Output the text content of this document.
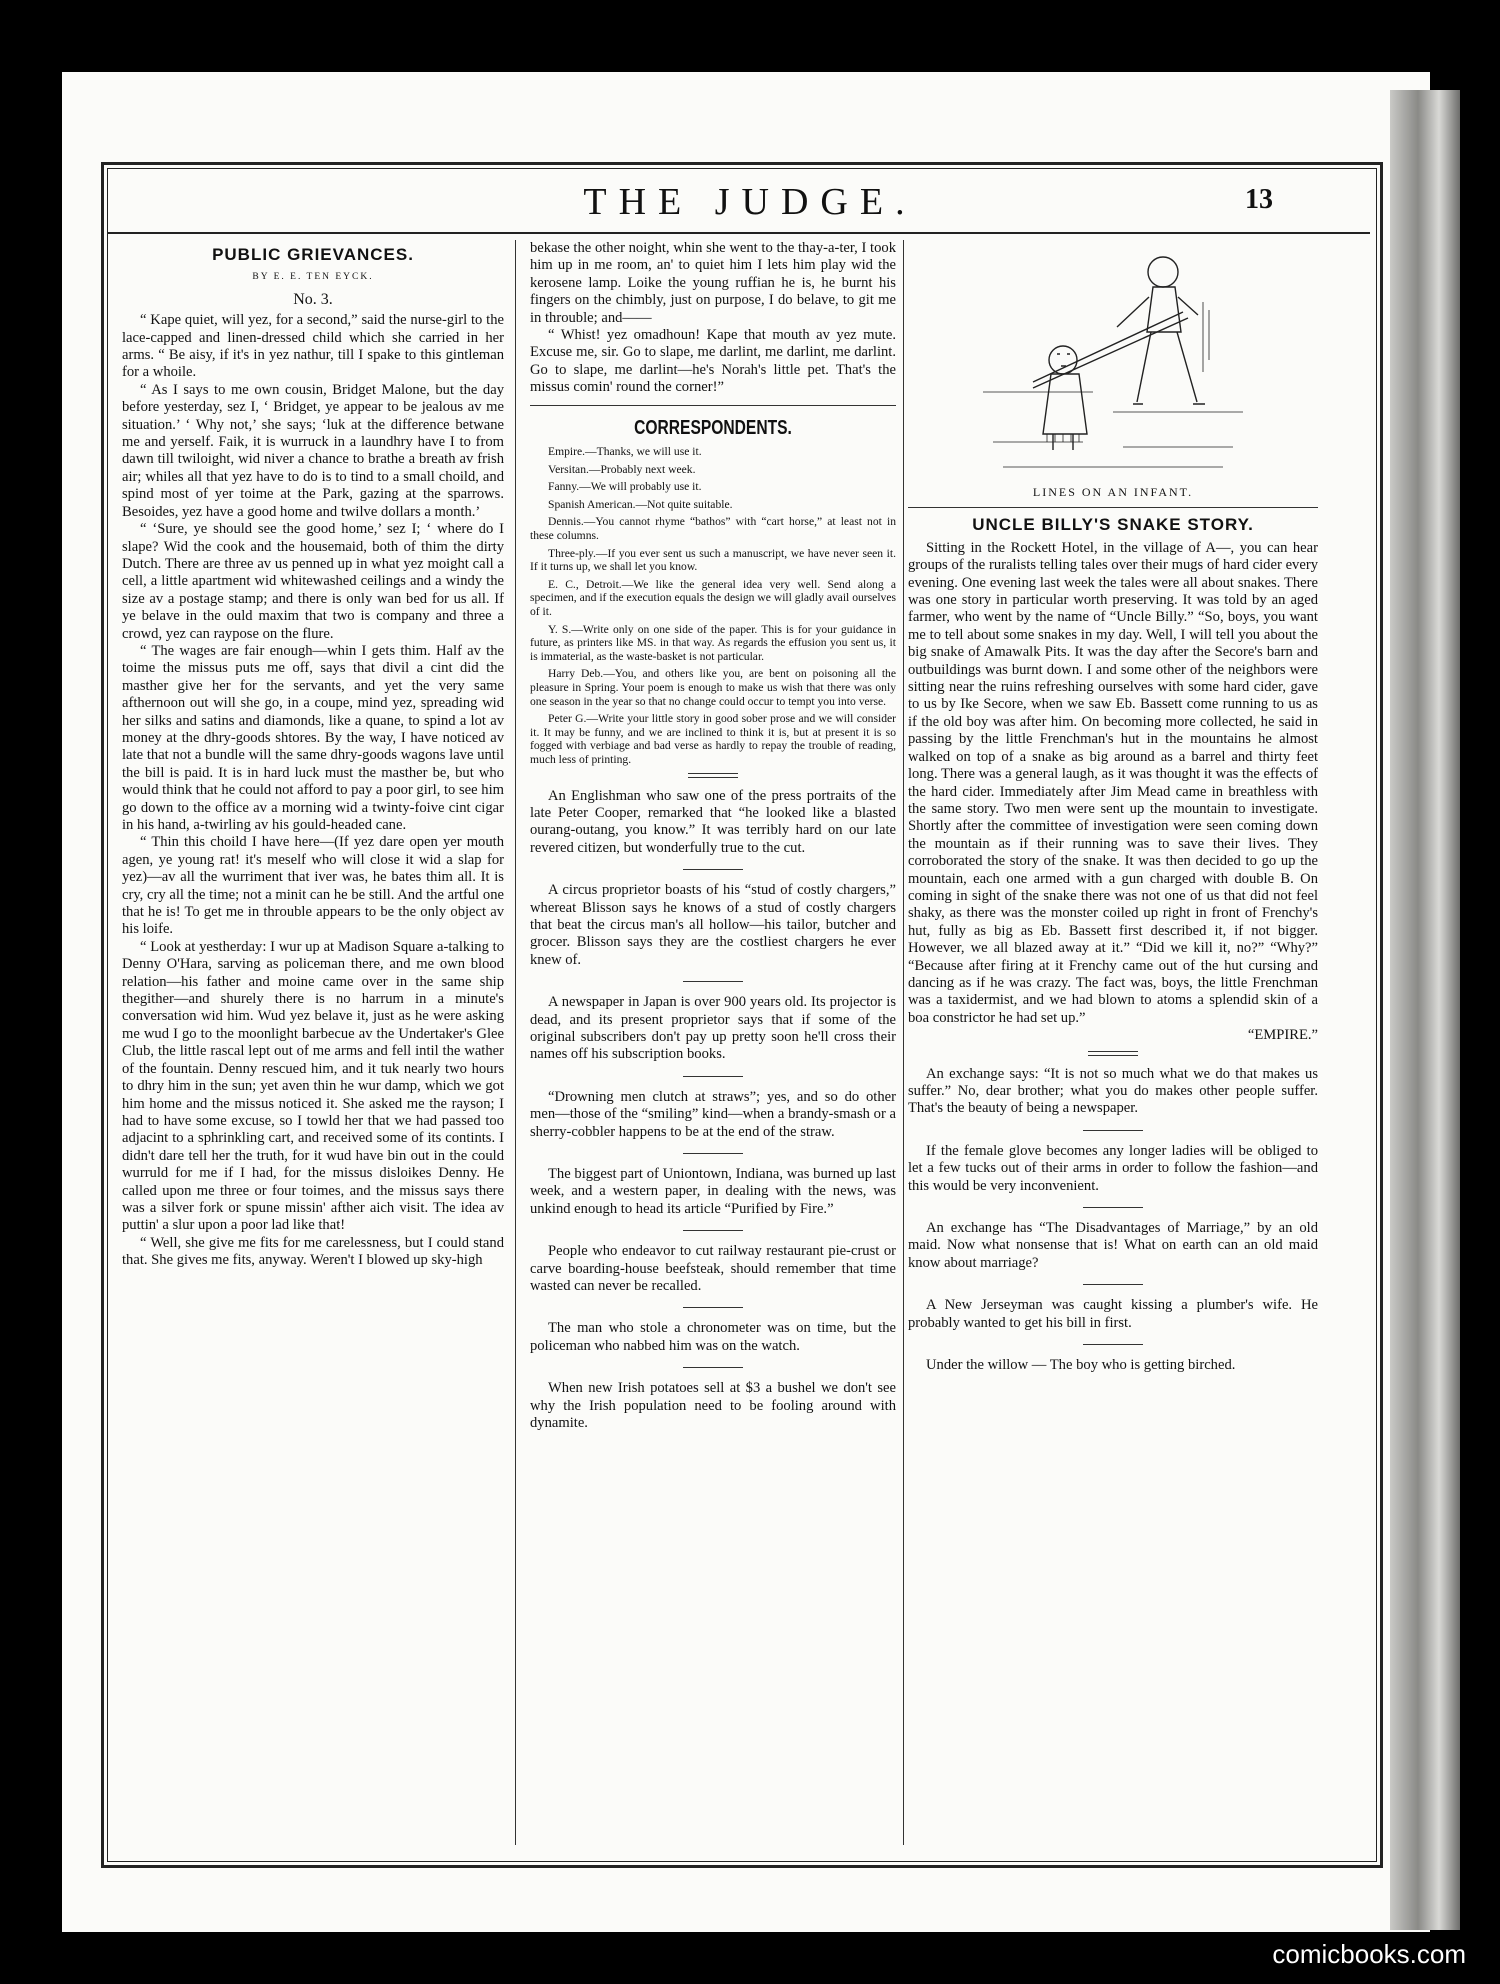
THE JUDGE.	13
PUBLIC GRIEVANCES.
BY E. E. TEN EYCK.
No. 3.

“ Kape quiet, will yez, for a second,” said the nurse-girl to the lace-capped and linen-dressed child which she carried in her arms. “ Be aisy, if it's in yez nathur, till I spake to this gintleman for a whoile.

“ As I says to me own cousin, Bridget Malone, but the day before yesterday, sez I, ‘ Bridget, ye appear to be jealous av me situation.’ ‘ Why not,’ she says; ‘luk at the difference betwane me and yerself. Faik, it is wurruck in a laundhry have I to from dawn till twiloight, wid niver a chance to brathe a breath av frish air; whiles all that yez have to do is to tind to a small choild, and spind most of yer toime at the Park, gazing at the sparrows. Besoides, yez have a good home and twilve dollars a month.’

“ ‘Sure, ye should see the good home,’ sez I; ‘ where do I slape? Wid the cook and the housemaid, both of thim the dirty Dutch. There are three av us penned up in what yez moight call a cell, a little apartment wid whitewashed ceilings and a windy the size av a postage stamp; and there is only wan bed for us all. If ye belave in the ould maxim that two is company and three a crowd, yez can raypose on the flure.

“ The wages are fair enough—whin I gets thim. Half av the toime the missus puts me off, says that divil a cint did the masther give her for the servants, and yet the very same afthernoon out will she go, in a coupe, mind yez, spreading wid her silks and satins and diamonds, like a quane, to spind a lot av money at the dhry-goods shtores. By the way, I have noticed av late that not a bundle will the same dhry-goods wagons lave until the bill is paid. It is in hard luck must the masther be, but who would think that he could not afford to pay a poor girl, to see him go down to the office av a morning wid a twinty-foive cint cigar in his hand, a-twirling av his gould-headed cane.

“ Thin this choild I have here—(If yez dare open yer mouth agen, ye young rat! it's meself who will close it wid a slap for yez)—av all the wurriment that iver was, he bates thim all. It is cry, cry all the time; not a minit can he be still. And the artful one that he is! To get me in throuble appears to be the only object av his loife.

“ Look at yestherday: I wur up at Madison Square a-talking to Denny O'Hara, sarving as policeman there, and me own blood relation—his father and moine came over in the same ship thegither—and shurely there is no harrum in a minute's conversation wid him. Wud yez belave it, just as he were asking me wud I go to the moonlight barbecue av the Undertaker's Glee Club, the little rascal lept out of me arms and fell intil the wather of the fountain. Denny rescued him, and it tuk nearly two hours to dhry him in the sun; yet aven thin he wur damp, which we got him home and the missus noticed it. She asked me the rayson; I had to have some excuse, so I towld her that we had passed too adjacint to a sphrinkling cart, and received some of its contints. I didn't dare tell her the truth, for it wud have bin out in the could wurruld for me if I had, for the missus disloikes Denny. He called upon me three or four toimes, and the missus says there was a silver fork or spune missin' afther aich visit. The idea av puttin' a slur upon a poor lad like that!

“ Well, she give me fits for me carelessness, but I could stand that. She gives me fits, anyway. Weren't I blowed up sky-high

bekase the other noight, whin she went to the thay-a-ter, I took him up in me room, an' to quiet him I lets him play wid the kerosene lamp. Loike the young ruffian he is, he burnt his fingers on the chimbly, just on purpose, I do belave, to git me in throuble; and——

“ Whist! yez omadhoun! Kape that mouth av yez mute. Excuse me, sir. Go to slape, me darlint, me darlint, me darlint. Go to slape, me darlint—he's Norah's little pet. That's the missus comin' round the corner!”

CORRESPONDENTS.

Empire.—Thanks, we will use it.

Versitan.—Probably next week.

Fanny.—We will probably use it.

Spanish American.—Not quite suitable.

Dennis.—You cannot rhyme “bathos” with “cart horse,” at least not in these columns.

Three-ply.—If you ever sent us such a manuscript, we have never seen it. If it turns up, we shall let you know.

E. C., Detroit.—We like the general idea very well. Send along a specimen, and if the execution equals the design we will gladly avail ourselves of it.

Y. S.—Write only on one side of the paper. This is for your guidance in future, as printers like MS. in that way. As regards the effusion you sent us, it is immaterial, as the waste-basket is not particular.

Harry Deb.—You, and others like you, are bent on poisoning all the pleasure in Spring. Your poem is enough to make us wish that there was only one season in the year so that no change could occur to tempt you into verse.

Peter G.—Write your little story in good sober prose and we will consider it. It may be funny, and we are inclined to think it is, but at present it is so fogged with verbiage and bad verse as hardly to repay the trouble of reading, much less of printing.

An Englishman who saw one of the press portraits of the late Peter Cooper, remarked that “he looked like a blasted ourang-outang, you know.” It was terribly hard on our late revered citizen, but wonderfully true to the cut.

A circus proprietor boasts of his “stud of costly chargers,” whereat Blisson says he knows of a stud of costly chargers that beat the circus man's all hollow—his tailor, butcher and grocer. Blisson says they are the costliest chargers he ever knew of.

A newspaper in Japan is over 900 years old. Its projector is dead, and its present proprietor says that if some of the original subscribers don't pay up pretty soon he'll cross their names off his subscription books.

“Drowning men clutch at straws”; yes, and so do other men—those of the “smiling” kind—when a brandy-smash or a sherry-cobbler happens to be at the end of the straw.

The biggest part of Uniontown, Indiana, was burned up last week, and a western paper, in dealing with the news, was unkind enough to head its article “Purified by Fire.”

People who endeavor to cut railway restaurant pie-crust or carve boarding-house beefsteak, should remember that time wasted can never be recalled.

The man who stole a chronometer was on time, but the policeman who nabbed him was on the watch.

When new Irish potatoes sell at $3 a bushel we don't see why the Irish population need to be fooling around with dynamite.

LINES ON AN INFANT.
UNCLE BILLY'S SNAKE STORY.

Sitting in the Rockett Hotel, in the village of A—, you can hear groups of the ruralists telling tales over their mugs of hard cider every evening. One evening last week the tales were all about snakes. There was one story in particular worth preserving. It was told by an aged farmer, who went by the name of “Uncle Billy.” “So, boys, you want me to tell about some snakes in my day. Well, I will tell you about the big snake of Amawalk Pits. It was the day after the Secore's barn and outbuildings was burnt down. I and some other of the neighbors were sitting near the ruins refreshing ourselves with some hard cider, gave to us by Ike Secore, when we saw Eb. Bassett come running to us as if the old boy was after him. On becoming more collected, he said in passing by the little Frenchman's hut in the mountains he almost walked on top of a snake as big around as a barrel and thirty feet long. There was a general laugh, as it was thought it was the effects of the hard cider. Immediately after Jim Mead came in breathless with the same story. Two men were sent up the mountain to investigate. Shortly after the committee of investigation were seen coming down the mountain as if their running was to save their lives. They corroborated the story of the snake. It was then decided to go up the mountain, each one armed with a gun charged with double B. On coming in sight of the snake there was not one of us that did not feel shaky, as there was the monster coiled up right in front of Frenchy's hut, fully as big as Eb. Bassett first described it, if not bigger. However, we all blazed away at it.” “Did we kill it, no?” “Why?” “Because after firing at it Frenchy came out of the hut cursing and dancing as if he was crazy. The fact was, boys, the little Frenchman was a taxidermist, and we had blown to atoms a splendid skin of a boa constrictor he had set up.”

“EMPIRE.”

An exchange says: “It is not so much what we do that makes us suffer.” No, dear brother; what you do makes other people suffer. That's the beauty of being a newspaper.

If the female glove becomes any longer ladies will be obliged to let a few tucks out of their arms in order to follow the fashion—and this would be very inconvenient.

An exchange has “The Disadvantages of Marriage,” by an old maid. Now what nonsense that is! What on earth can an old maid know about marriage?

A New Jerseyman was caught kissing a plumber's wife. He probably wanted to get his bill in first.

Under the willow — The boy who is getting birched.

comicbooks.com
